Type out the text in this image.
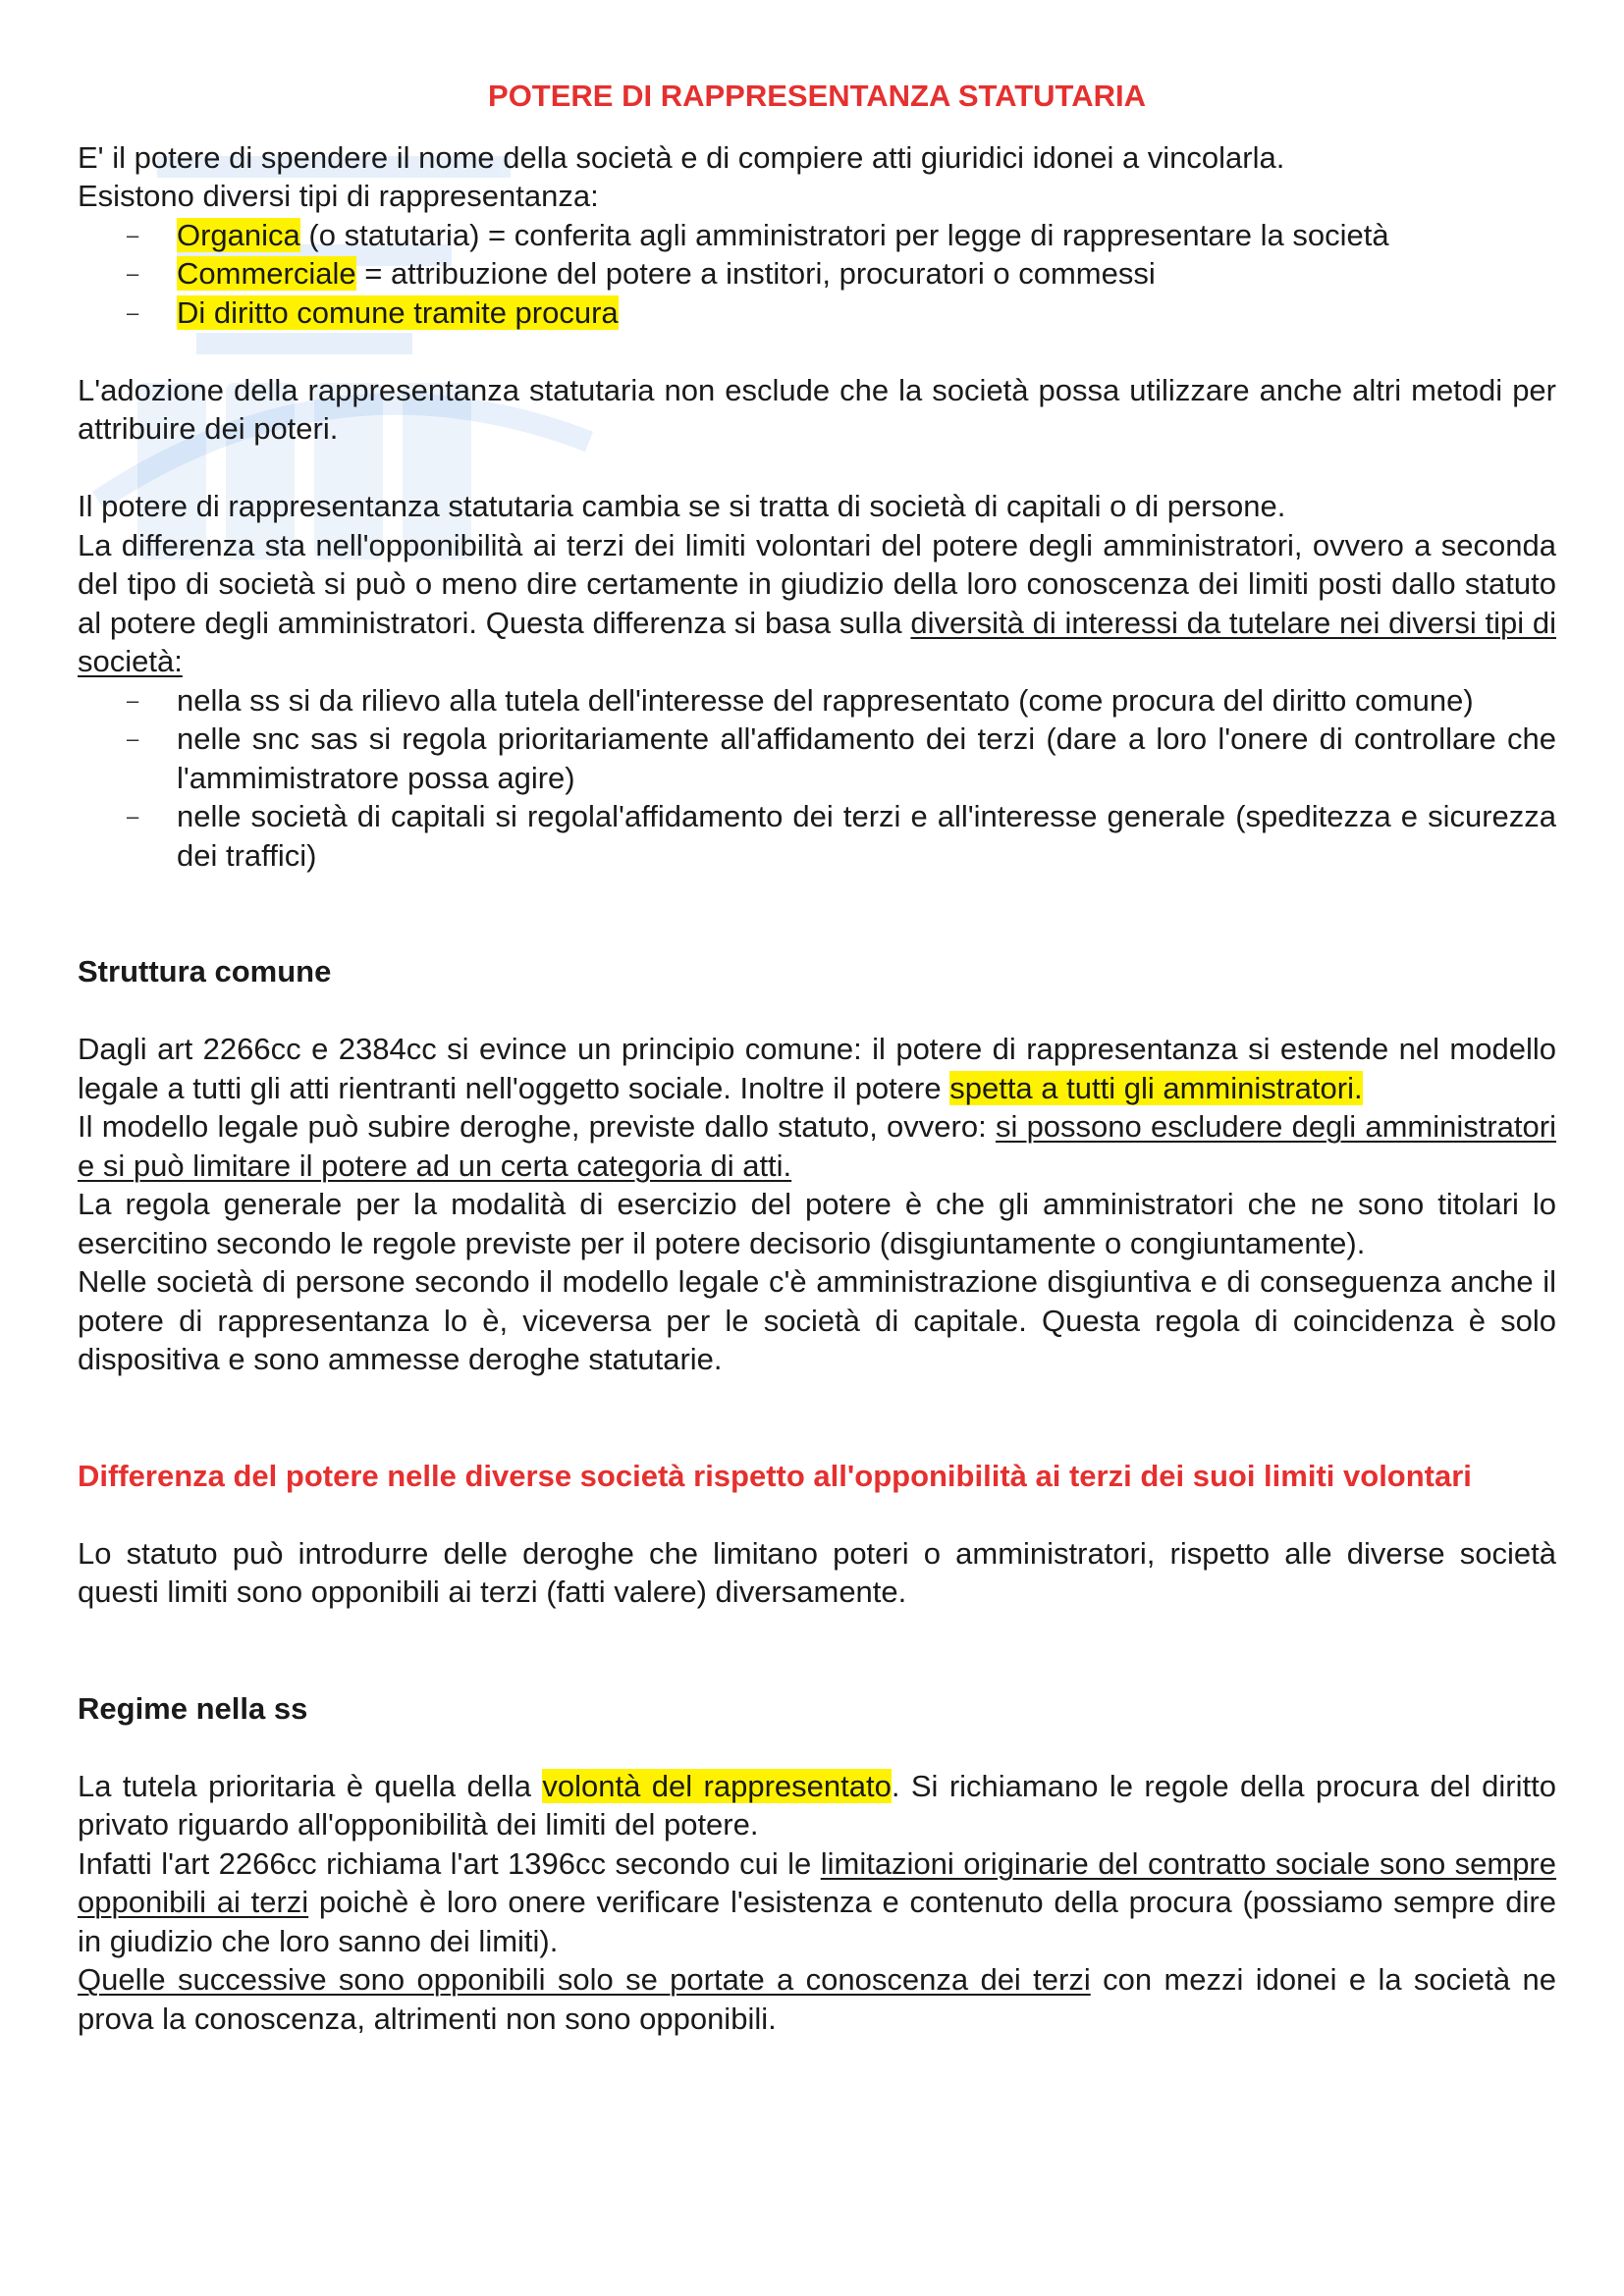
POTERE DI RAPPRESENTANZA STATUTARIA

E' il potere di spendere il nome della società e di compiere atti giuridici idonei a vincolarla.

Esistono diversi tipi di rappresentanza:

– Organica (o statutaria) = conferita agli amministratori per legge di rappresentare la società
– Commerciale = attribuzione del potere a institori, procuratori o commessi
– Di diritto comune tramite procura

L'adozione della rappresentanza statutaria non esclude che la società possa utilizzare anche altri metodi per attribuire dei poteri.

Il potere di rappresentanza statutaria cambia se si tratta di società di capitali o di persone.

La differenza sta nell'opponibilità ai terzi dei limiti volontari del potere degli amministratori, ovvero a seconda del tipo di società si può o meno dire certamente in giudizio della loro conoscenza dei limiti posti dallo statuto al potere degli amministratori. Questa differenza si basa sulla diversità di interessi da tutelare nei diversi tipi di società:

– nella ss si da rilievo alla tutela dell'interesse del rappresentato (come procura del diritto comune)
– nelle snc sas si regola prioritariamente all'affidamento dei terzi (dare a loro l'onere di controllare che l'ammimistratore possa agire)
– nelle società di capitali si regolal'affidamento dei terzi e all'interesse generale (speditezza e sicurezza dei traffici)

Struttura comune

Dagli art 2266cc e 2384cc si evince un principio comune: il potere di rappresentanza si estende nel modello legale a tutti gli atti rientranti nell'oggetto sociale. Inoltre il potere spetta a tutti gli amministratori.

Il modello legale può subire deroghe, previste dallo statuto, ovvero: si possono escludere degli amministratori e si può limitare il potere ad un certa categoria di atti.

La regola generale per la modalità di esercizio del potere è che gli amministratori che ne sono titolari lo esercitino secondo le regole previste per il potere decisorio (disgiuntamente o congiuntamente).

Nelle società di persone secondo il modello legale c'è amministrazione disgiuntiva e di conseguenza anche il potere di rappresentanza lo è, viceversa per le società di capitale. Questa regola di coincidenza è solo dispositiva e sono ammesse deroghe statutarie.

Differenza del potere nelle diverse società rispetto all'opponibilità ai terzi dei suoi limiti volontari

Lo statuto può introdurre delle deroghe che limitano poteri o amministratori, rispetto alle diverse società questi limiti sono opponibili ai terzi (fatti valere) diversamente.

Regime nella ss

La tutela prioritaria è quella della volontà del rappresentato. Si richiamano le regole della procura del diritto privato riguardo all'opponibilità dei limiti del potere.

Infatti l'art 2266cc richiama l'art 1396cc secondo cui le limitazioni originarie del contratto sociale sono sempre opponibili ai terzi poichè è loro onere verificare l'esistenza e contenuto della procura (possiamo sempre dire in giudizio che loro sanno dei limiti).

Quelle successive sono opponibili solo se portate a conoscenza dei terzi con mezzi idonei e la società ne prova la conoscenza, altrimenti non sono opponibili.
